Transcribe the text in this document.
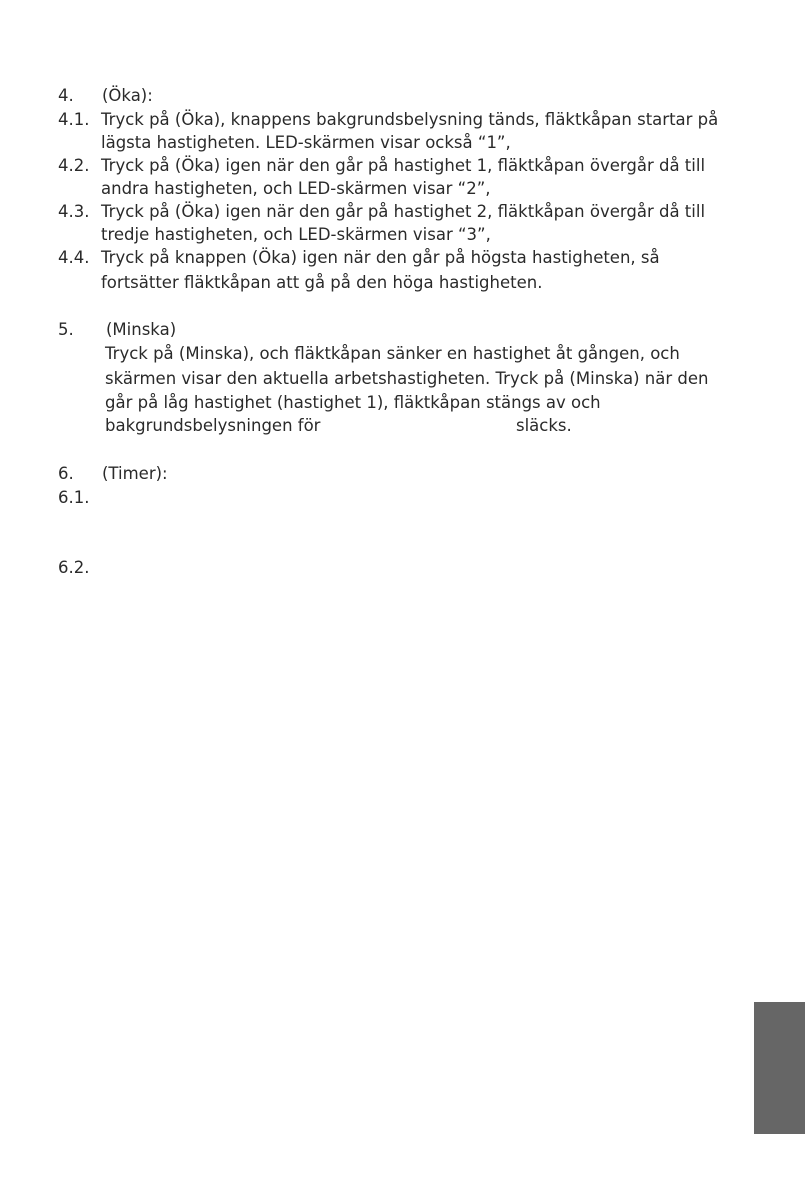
4. (Öka):
4.1. Tryck på (Öka), knappens bakgrundsbelysning tänds, fläktkåpan startar på
lägsta hastigheten. LED-skärmen visar också “1”,
4.2. Tryck på (Öka) igen när den går på hastighet 1, fläktkåpan övergår då till
andra hastigheten, och LED-skärmen visar “2”,
4.3. Tryck på (Öka) igen när den går på hastighet 2, fläktkåpan övergår då till
tredje hastigheten, och LED-skärmen visar “3”,
4.4. Tryck på knappen (Öka) igen när den går på högsta hastigheten, så
fortsätter fläktkåpan att gå på den höga hastigheten.
5. (Minska)
Tryck på (Minska), och fläktkåpan sänker en hastighet åt gången, och
skärmen visar den aktuella arbetshastigheten. Tryck på (Minska) när den
går på låg hastighet (hastighet 1), fläktkåpan stängs av och
bakgrundsbelysningen för	släcks.
6. (Timer):
6.1.
6.2.
